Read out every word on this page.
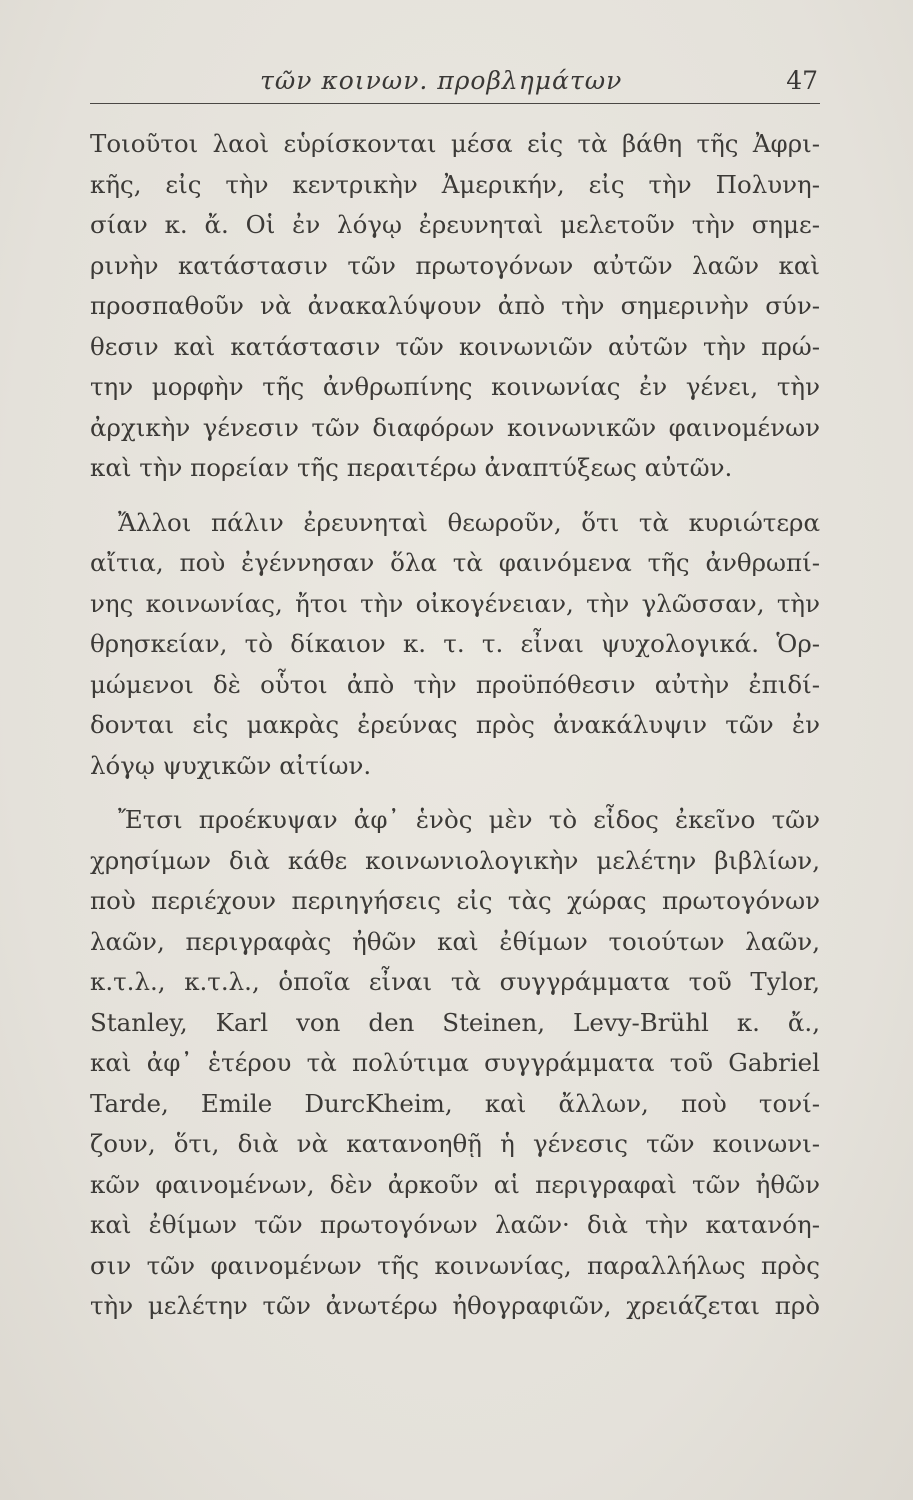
τῶν κοινων. προβλημάτων	47
Τοιοῦτοι λαοὶ εὑρίσκονται μέσα εἰς τὰ βάθη τῆς Ἀφρι-
κῆς, εἰς τὴν κεντρικὴν Ἀμερικήν, εἰς τὴν Πολυνη-
σίαν κ. ἄ. Οἱ ἐν λόγῳ ἐρευνηταὶ μελετοῦν τὴν σημε-
ρινὴν κατάστασιν τῶν πρωτογόνων αὐτῶν λαῶν καὶ
προσπαθοῦν νὰ ἀνακαλύψουν ἀπὸ τὴν σημερινὴν σύν-
θεσιν καὶ κατάστασιν τῶν κοινωνιῶν αὐτῶν τὴν πρώ-
την μορφὴν τῆς ἀνθρωπίνης κοινωνίας ἐν γένει, τὴν
ἀρχικὴν γένεσιν τῶν διαφόρων κοινωνικῶν φαινομένων
καὶ τὴν πορείαν τῆς περαιτέρω ἀναπτύξεως αὐτῶν.
Ἄλλοι πάλιν ἐρευνηταὶ θεωροῦν, ὅτι τὰ κυριώτερα
αἴτια, ποὺ ἐγέννησαν ὅλα τὰ φαινόμενα τῆς ἀνθρωπί-
νης κοινωνίας, ἤτοι τὴν οἰκογένειαν, τὴν γλῶσσαν, τὴν
θρησκείαν, τὸ δίκαιον κ. τ. τ. εἶναι ψυχολογικά. Ὁρ-
μώμενοι δὲ οὗτοι ἀπὸ τὴν προϋπόθεσιν αὐτὴν ἐπιδί-
δονται εἰς μακρὰς ἐρεύνας πρὸς ἀνακάλυψιν τῶν ἐν
λόγῳ ψυχικῶν αἰτίων.
Ἔτσι προέκυψαν ἀφ᾽ ἑνὸς μὲν τὸ εἶδος ἐκεῖνο τῶν
χρησίμων διὰ κάθε κοινωνιολογικὴν μελέτην βιβλίων,
ποὺ περιέχουν περιηγήσεις εἰς τὰς χώρας πρωτογόνων
λαῶν, περιγραφὰς ἠθῶν καὶ ἐθίμων τοιούτων λαῶν,
κ.τ.λ., κ.τ.λ., ὁποῖα εἶναι τὰ συγγράμματα τοῦ Tylor,
Stanley, Karl von den Steinen, Levy-Brühl κ. ἄ.,
καὶ ἀφ᾽ ἑτέρου τὰ πολύτιμα συγγράμματα τοῦ Gabriel
Tarde, Emile DurcKheim, καὶ ἄλλων, ποὺ τονί-
ζουν, ὅτι, διὰ νὰ κατανοηθῇ ἡ γένεσις τῶν κοινωνι-
κῶν φαινομένων, δὲν ἀρκοῦν αἱ περιγραφαὶ τῶν ἠθῶν
καὶ ἐθίμων τῶν πρωτογόνων λαῶν· διὰ τὴν κατανόη-
σιν τῶν φαινομένων τῆς κοινωνίας, παραλλήλως πρὸς
τὴν μελέτην τῶν ἀνωτέρω ἠθογραφιῶν, χρειάζεται πρὸ
